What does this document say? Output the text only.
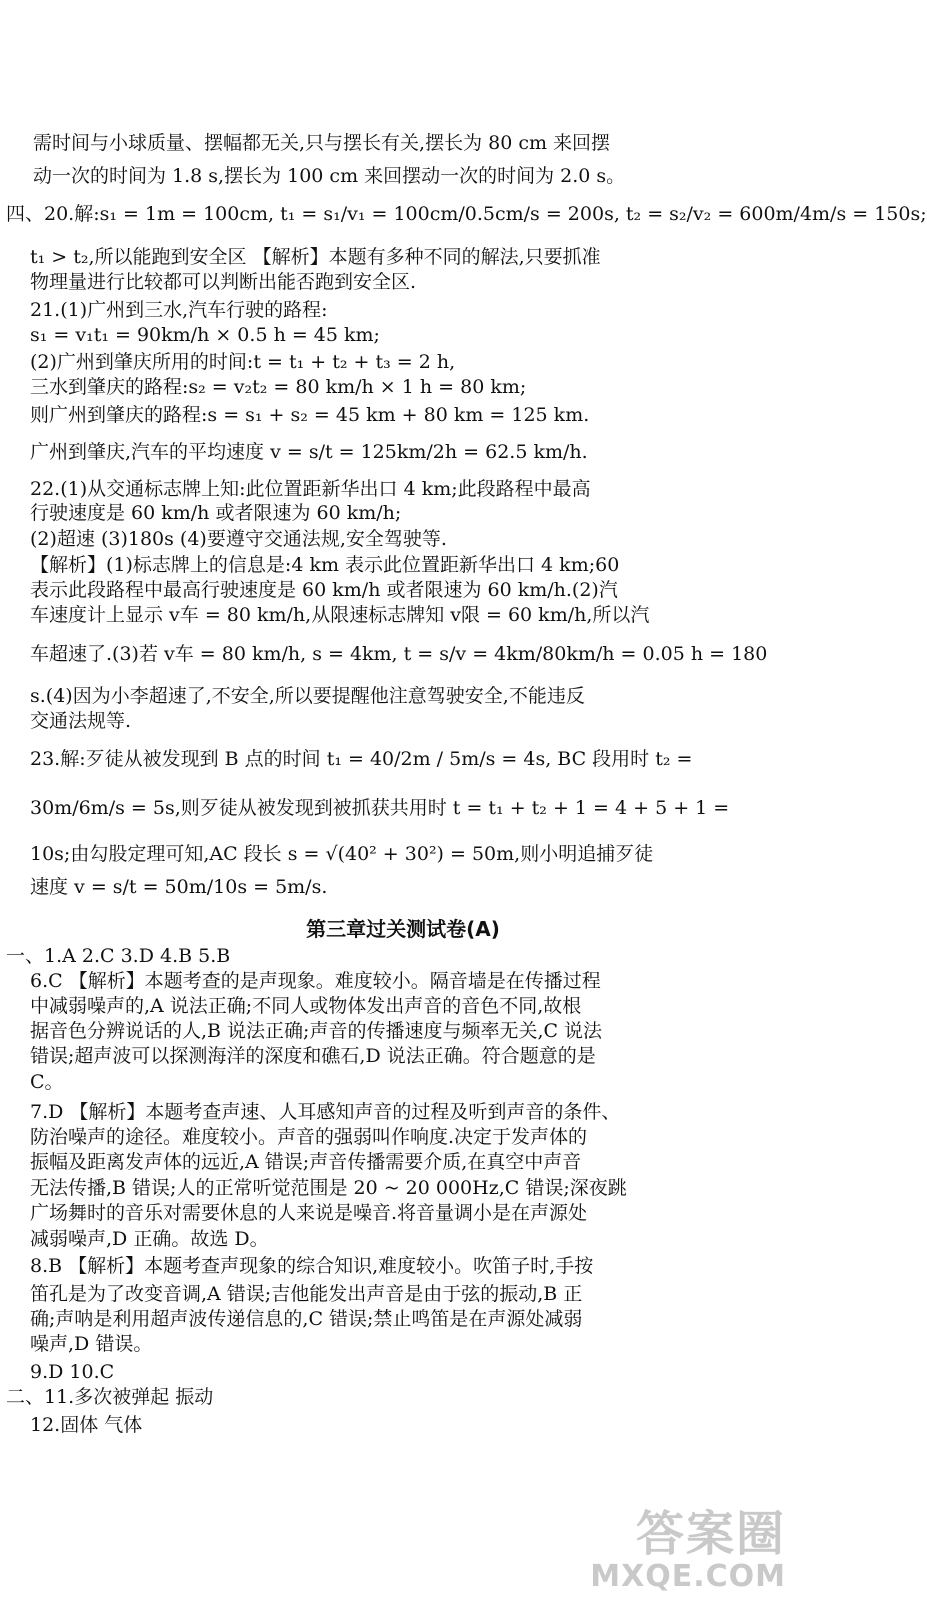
需时间与小球质量、摆幅都无关,只与摆长有关,摆长为 80 cm 来回摆
动一次的时间为 1.8 s,摆长为 100 cm 来回摆动一次的时间为 2.0 s。
四、20.解:s₁ = 1m = 100cm, t₁ = s₁/v₁ = 100cm/0.5cm/s = 200s, t₂ = s₂/v₂ = 600m/4m/s = 150s;
t₁ > t₂,所以能跑到安全区 【解析】本题有多种不同的解法,只要抓准
物理量进行比较都可以判断出能否跑到安全区.
21.(1)广州到三水,汽车行驶的路程:
s₁ = v₁t₁ = 90km/h × 0.5 h = 45 km;
(2)广州到肇庆所用的时间:t = t₁ + t₂ + t₃ = 2 h,
三水到肇庆的路程:s₂ = v₂t₂ = 80 km/h × 1 h = 80 km;
则广州到肇庆的路程:s = s₁ + s₂ = 45 km + 80 km = 125 km.
广州到肇庆,汽车的平均速度 v = s/t = 125km/2h = 62.5 km/h.
22.(1)从交通标志牌上知:此位置距新华出口 4 km;此段路程中最高
行驶速度是 60 km/h 或者限速为 60 km/h;
(2)超速 (3)180s (4)要遵守交通法规,安全驾驶等.
【解析】(1)标志牌上的信息是:4 km 表示此位置距新华出口 4 km;60
表示此段路程中最高行驶速度是 60 km/h 或者限速为 60 km/h.(2)汽
车速度计上显示 v车 = 80 km/h,从限速标志牌知 v限 = 60 km/h,所以汽
车超速了.(3)若 v车 = 80 km/h, s = 4km, t = s/v = 4km/80km/h = 0.05 h = 180
s.(4)因为小李超速了,不安全,所以要提醒他注意驾驶安全,不能违反
交通法规等.
23.解:歹徒从被发现到 B 点的时间 t₁ = 40/2m / 5m/s = 4s, BC 段用时 t₂ =
30m/6m/s = 5s,则歹徒从被发现到被抓获共用时 t = t₁ + t₂ + 1 = 4 + 5 + 1 =
10s;由勾股定理可知,AC 段长 s = √(40² + 30²) = 50m,则小明追捕歹徒
速度 v = s/t = 50m/10s = 5m/s.
第三章过关测试卷(A)
一、1.A 2.C 3.D 4.B 5.B
6.C 【解析】本题考查的是声现象。难度较小。隔音墙是在传播过程
中减弱噪声的,A 说法正确;不同人或物体发出声音的音色不同,故根
据音色分辨说话的人,B 说法正确;声音的传播速度与频率无关,C 说法
错误;超声波可以探测海洋的深度和礁石,D 说法正确。符合题意的是
C。
7.D 【解析】本题考查声速、人耳感知声音的过程及听到声音的条件、
防治噪声的途径。难度较小。声音的强弱叫作响度.决定于发声体的
振幅及距离发声体的远近,A 错误;声音传播需要介质,在真空中声音
无法传播,B 错误;人的正常听觉范围是 20 ~ 20 000Hz,C 错误;深夜跳
广场舞时的音乐对需要休息的人来说是噪音.将音量调小是在声源处
减弱噪声,D 正确。故选 D。
8.B 【解析】本题考查声现象的综合知识,难度较小。吹笛子时,手按
笛孔是为了改变音调,A 错误;吉他能发出声音是由于弦的振动,B 正
确;声呐是利用超声波传递信息的,C 错误;禁止鸣笛是在声源处减弱
噪声,D 错误。
9.D 10.C
二、11.多次被弹起 振动
12.固体 气体
答案圈
MXQE.COM
